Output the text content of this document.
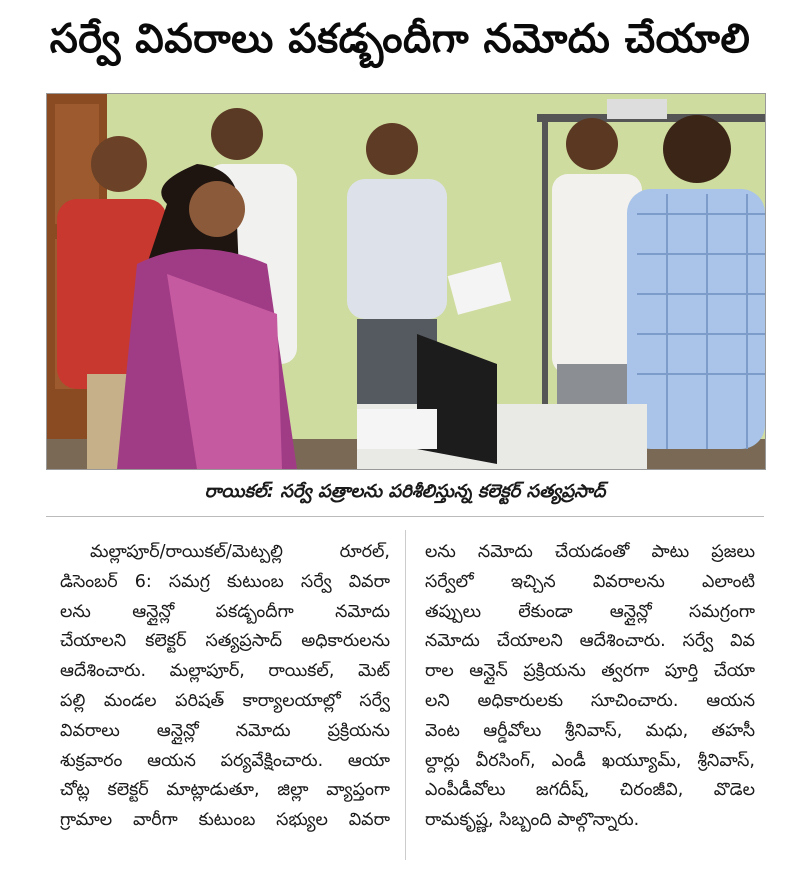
సర్వే వివరాలు పకడ్బందీగా నమోదు చేయాలి
రాయికల్: సర్వే పత్రాలను పరిశీలిస్తున్న కలెక్టర్ సత్యప్రసాద్
మల్లాపూర్/రాయికల్/మెట్పల్లి రూరల్,
డిసెంబర్ 6: సమగ్ర కుటుంబ సర్వే వివరా
లను ఆన్లైన్లో పకడ్బందీగా నమోదు
చేయాలని కలెక్టర్ సత్యప్రసాద్ అధికారులను
ఆదేశించారు. మల్లాపూర్, రాయికల్, మెట్
పల్లి మండల పరిషత్ కార్యాలయాల్లో సర్వే
వివరాలు ఆన్లైన్లో నమోదు ప్రక్రియను
శుక్రవారం ఆయన పర్యవేక్షించారు. ఆయా
చోట్ల కలెక్టర్ మాట్లాడుతూ, జిల్లా వ్యాప్తంగా
గ్రామాల వారీగా కుటుంబ సభ్యుల వివరా
లను నమోదు చేయడంతో పాటు ప్రజలు
సర్వేలో ఇచ్చిన వివరాలను ఎలాంటి
తప్పులు లేకుండా ఆన్లైన్లో సమగ్రంగా
నమోదు చేయాలని ఆదేశించారు. సర్వే వివ
రాల ఆన్లైన్ ప్రక్రియను త్వరగా పూర్తి చేయా
లని అధికారులకు సూచించారు. ఆయన
వెంట ఆర్డీవోలు శ్రీనివాస్, మధు, తహసీ
ల్దార్లు వీరసింగ్, ఎండీ ఖయ్యూమ్, శ్రీనివాస్,
ఎంపీడీవోలు జగదీష్, చిరంజీవి, వొడెల
రామకృష్ణ, సిబ్బంది పాల్గొన్నారు.
